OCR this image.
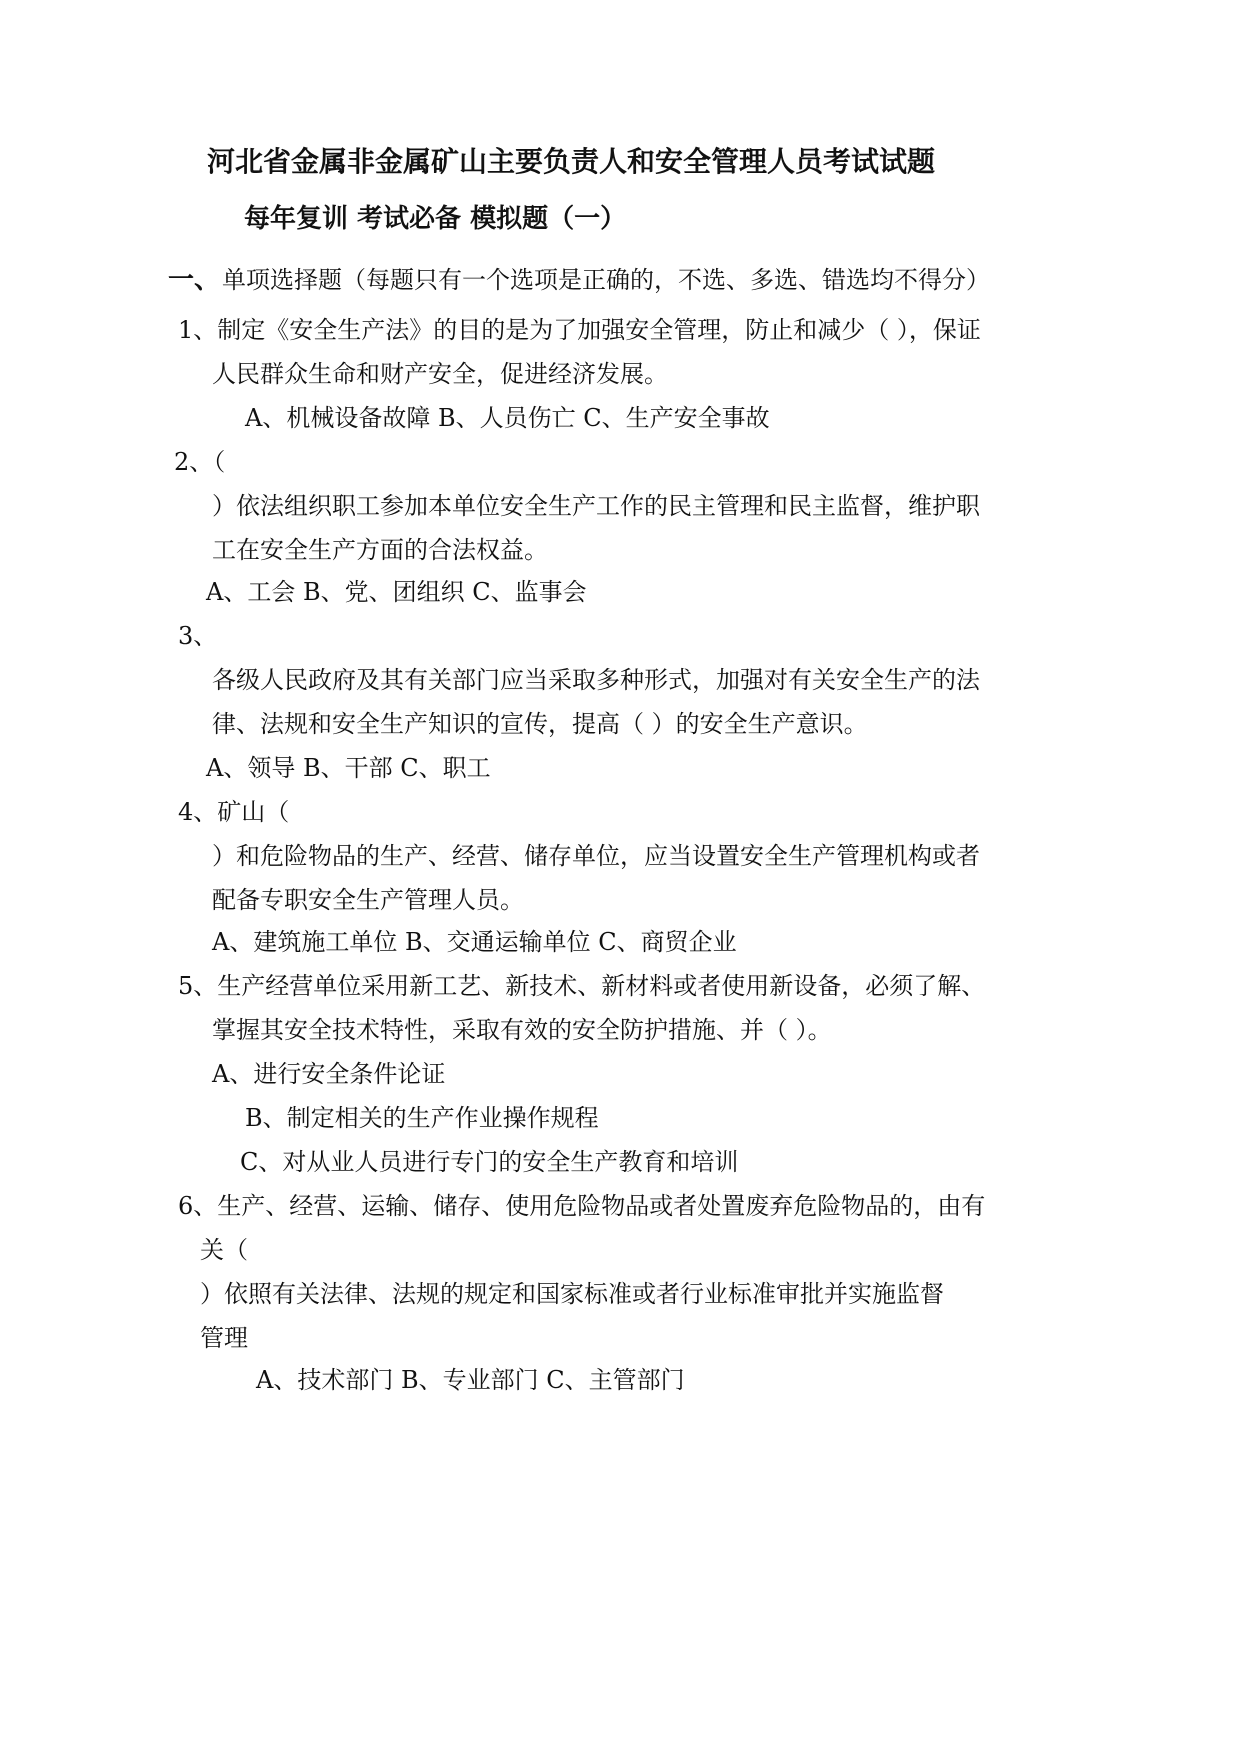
河北省金属非金属矿山主要负责人和安全管理人员考试试题
每年复训 考试必备 模拟题（一）
一、 单项选择题（每题只有一个选项是正确的，不选、多选、错选均不得分）
1、制定《安全生产法》的目的是为了加强安全管理，防止和减少（ ），保证
人民群众生命和财产安全，促进经济发展。
A、机械设备故障 B、人员伤亡 C、生产安全事故
2、（
）依法组织职工参加本单位安全生产工作的民主管理和民主监督，维护职
工在安全生产方面的合法权益。
A、工会 B、党、团组织 C、监事会
3、
各级人民政府及其有关部门应当采取多种形式，加强对有关安全生产的法
律、法规和安全生产知识的宣传，提高（ ）的安全生产意识。
A、领导 B、干部 C、职工
4、矿山（
）和危险物品的生产、经营、储存单位，应当设置安全生产管理机构或者
配备专职安全生产管理人员。
A、建筑施工单位 B、交通运输单位 C、商贸企业
5、生产经营单位采用新工艺、新技术、新材料或者使用新设备，必须了解、
掌握其安全技术特性，采取有效的安全防护措施、并（ ）。
A、进行安全条件论证
B、制定相关的生产作业操作规程
C、对从业人员进行专门的安全生产教育和培训
6、生产、经营、运输、储存、使用危险物品或者处置废弃危险物品的，由有
关（
）依照有关法律、法规的规定和国家标准或者行业标准审批并实施监督
管理
A、技术部门 B、专业部门 C、主管部门
